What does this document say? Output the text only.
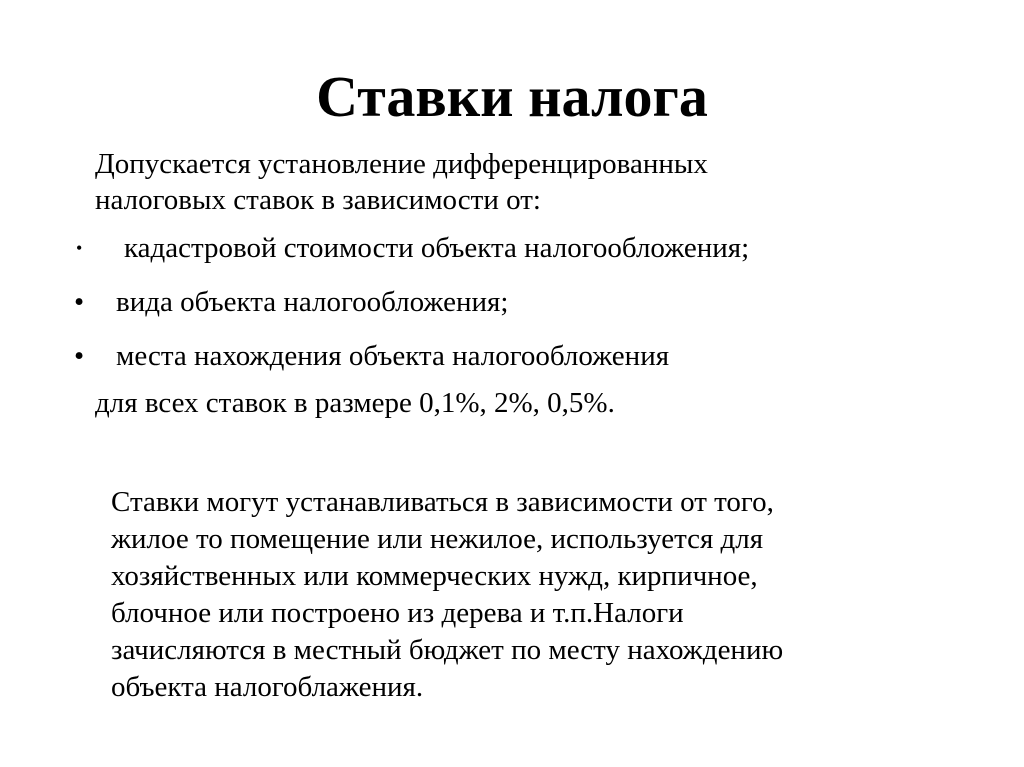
Ставки налога
Допускается установление дифференцированных
налоговых ставок в зависимости от:
• кадастровой стоимости объекта налогообложения;
• вида объекта налогообложения;
• места нахождения объекта налогообложения

для всех ставок в размере 0,1%, 2%, 0,5%.

Ставки могут устанавливаться в зависимости от того,
жилое то помещение или нежилое, используется для
хозяйственных или коммерческих нужд, кирпичное,
блочное или построено из дерева и т.п.Налоги
зачисляются в местный бюджет по месту нахождению
объекта налогоблажения.
